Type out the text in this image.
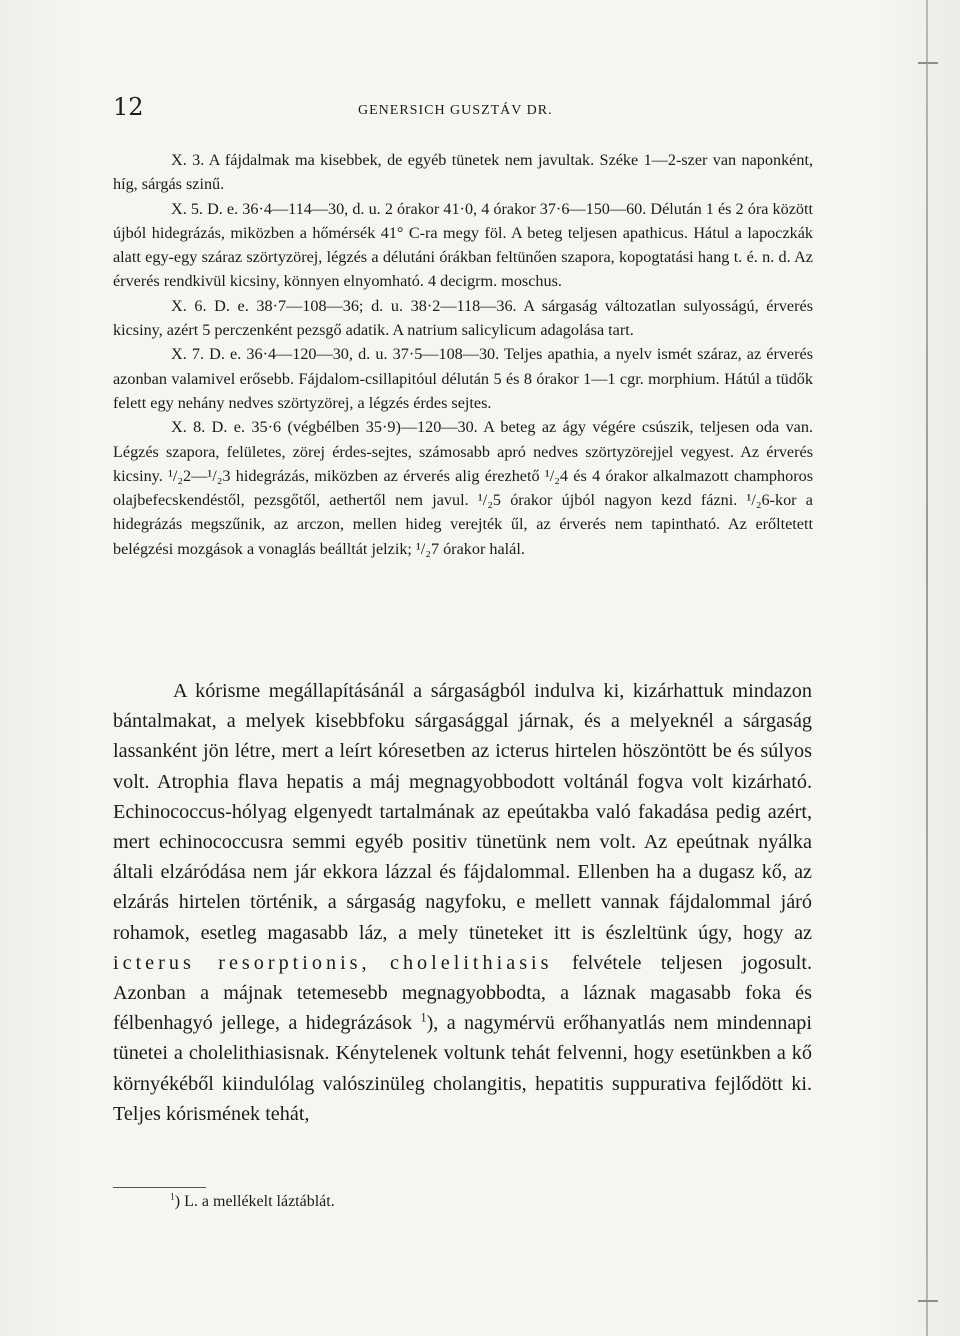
12	GENERSICH GUSZTÁV DR.

X. 3. A fájdalmak ma kisebbek, de egyéb tünetek nem javultak. Széke 1—2-szer van naponként, híg, sárgás szinű.

X. 5. D. e. 36·4—114—30, d. u. 2 órakor 41·0, 4 órakor 37·6—150—60. Délután 1 és 2 óra között újból hidegrázás, miközben a hőmérsék 41° C-ra megy föl. A beteg teljesen apathicus. Hátul a lapoczkák alatt egy-egy száraz szörtyzörej, légzés a délutáni órákban feltünően szapora, kopogtatási hang t. é. n. d. Az érverés rendkivül kicsiny, könnyen elnyomható. 4 decigrm. moschus.

X. 6. D. e. 38·7—108—36; d. u. 38·2—118—36. A sárgaság változatlan sulyosságú, érverés kicsiny, azért 5 perczenként pezsgő adatik. A natrium salicylicum adagolása tart.

X. 7. D. e. 36·4—120—30, d. u. 37·5—108—30. Teljes apathia, a nyelv ismét száraz, az érverés azonban valamivel erősebb. Fájdalom-csillapitóul délután 5 és 8 órakor 1—1 cgr. morphium. Hátúl a tüdők felett egy nehány nedves szörtyzörej, a légzés érdes sejtes.

X. 8. D. e. 35·6 (végbélben 35·9)—120—30. A beteg az ágy végére csúszik, teljesen oda van. Légzés szapora, felületes, zörej érdes-sejtes, számosabb apró nedves szörtyzörejjel vegyest. Az érverés kicsiny. ¹/₂2—¹/₂3 hidegrázás, miközben az érverés alig érezhető ¹/₂4 és 4 órakor alkalmazott champhoros olajbefecskendéstől, pezsgőtől, aethertől nem javul. ¹/₂5 órakor újból nagyon kezd fázni. ¹/₂6-kor a hidegrázás megszűnik, az arczon, mellen hideg verejték űl, az érverés nem tapintható. Az erőltetett belégzési mozgások a vonaglás beálltát jelzik; ¹/₂7 órakor halál.

A kórisme megállapításánál a sárgaságból indulva ki, kizárhattuk mindazon bántalmakat, a melyek kisebbfoku sárgasággal járnak, és a melyeknél a sárgaság lassanként jön létre, mert a leírt kóresetben az icterus hirtelen höszöntött be és súlyos volt. Atrophia flava hepatis a máj megnagyobbodott voltánál fogva volt kizárható. Echinococcus-hólyag elgenyedt tartalmának az epeútakba való fakadása pedig azért, mert echinococcusra semmi egyéb positiv tünetünk nem volt. Az epeútnak nyálka általi elzáródása nem jár ekkora lázzal és fájdalommal. Ellenben ha a dugasz kő, az elzárás hirtelen történik, a sárgaság nagyfoku, e mellett vannak fájdalommal járó rohamok, esetleg magasabb láz, a mely tüneteket itt is észleltünk úgy, hogy az icterus resorptionis, cholelithiasis felvétele teljesen jogosult. Azonban a májnak tetemesebb megnagyobbodta, a láznak magasabb foka és félbenhagyó jellege, a hidegrázások $^1$), a nagymérvü erőhanyatlás nem mindennapi tünetei a cholelithiasisnak. Kénytelenek voltunk tehát felvenni, hogy esetünkben a kő környékéből kiindulólag valószinüleg cholangitis, hepatitis suppurativa fejlődött ki. Teljes kórismének tehát,

$^1$) L. a mellékelt láztáblát.
